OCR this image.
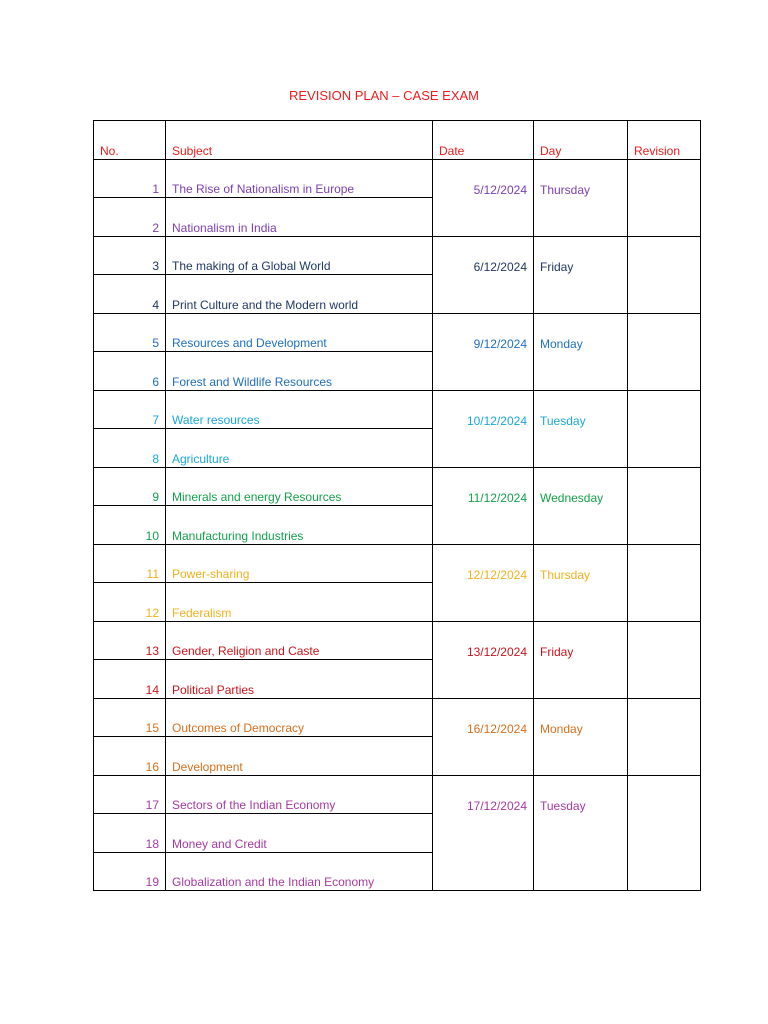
REVISION PLAN – CASE EXAM
No.	Subject	Date	Day	Revision
1	The Rise of Nationalism in Europe	5/12/2024	Thursday	
2	Nationalism in India			
3	The making of a Global World	6/12/2024	Friday	
4	Print Culture and the Modern world			
5	Resources and Development	9/12/2024	Monday	
6	Forest and Wildlife Resources			
7	Water resources	10/12/2024	Tuesday	
8	Agriculture			
9	Minerals and energy Resources	11/12/2024	Wednesday	
10	Manufacturing Industries			
11	Power-sharing	12/12/2024	Thursday	
12	Federalism			
13	Gender, Religion and Caste	13/12/2024	Friday	
14	Political Parties			
15	Outcomes of Democracy	16/12/2024	Monday	
16	Development			
17	Sectors of the Indian Economy	17/12/2024	Tuesday	
18	Money and Credit			
19	Globalization and the Indian Economy			
